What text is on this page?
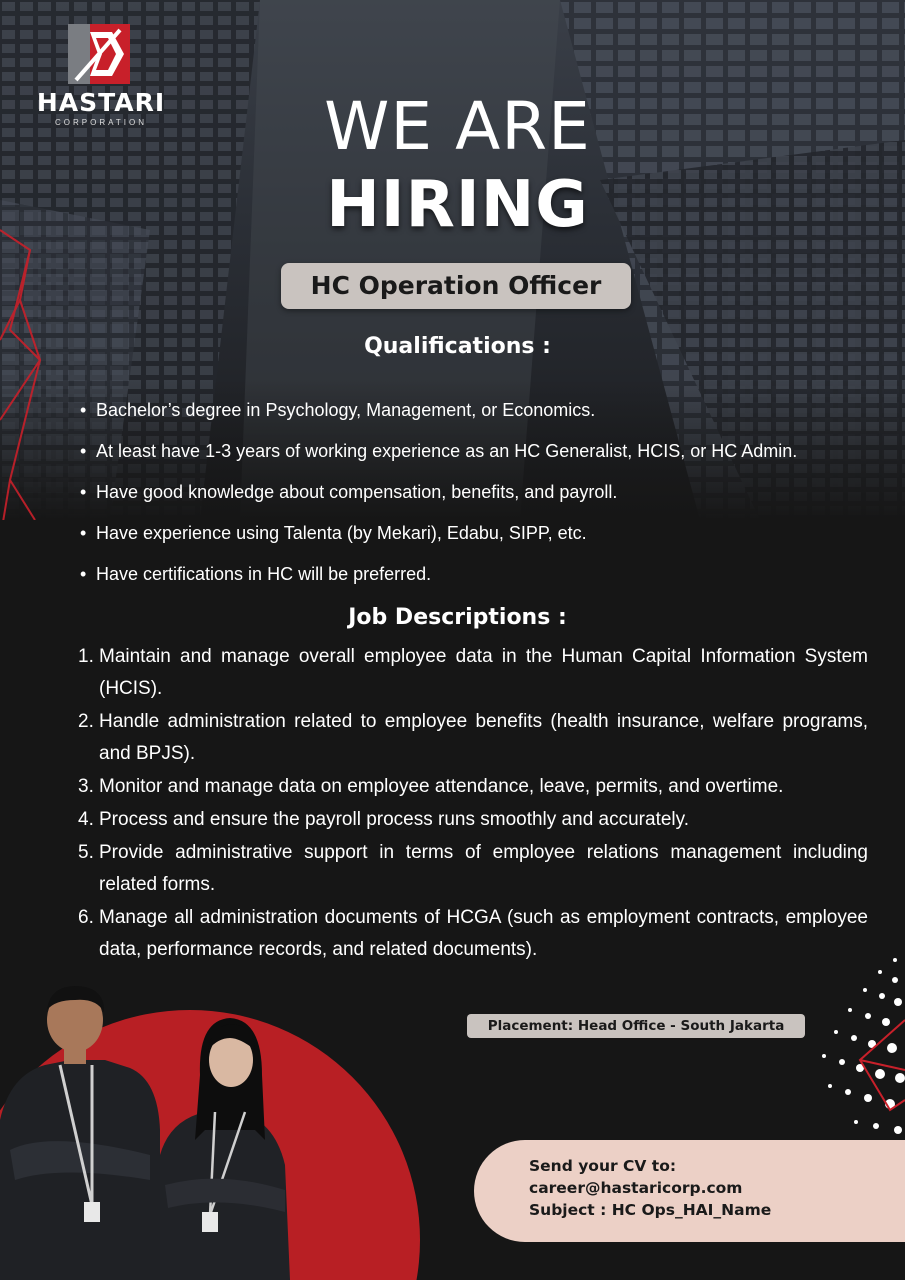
HASTARI
CORPORATION	WE ARE
HIRING
HC Operation Officer
Qualifications :
• Bachelor’s degree in Psychology, Management, or Economics.
• At least have 1-3 years of working experience as an HC Generalist, HCIS, or HC Admin.
• Have good knowledge about compensation, benefits, and payroll.
• Have experience using Talenta (by Mekari), Edabu, SIPP, etc.
• Have certifications in HC will be preferred.
Job Descriptions :
1. Maintain and manage overall employee data in the Human Capital Information System (HCIS).
2. Handle administration related to employee benefits (health insurance, welfare programs, and BPJS).
3. Monitor and manage data on employee attendance, leave, permits, and overtime.
4. Process and ensure the payroll process runs smoothly and accurately.
5. Provide administrative support in terms of employee relations management including related forms.
6. Manage all administration documents of HCGA (such as employment contracts, employee data, performance records, and related documents).
Placement: Head Office - South Jakarta
Send your CV to:
career@hastaricorp.com
Subject : HC Ops_HAI_Name
